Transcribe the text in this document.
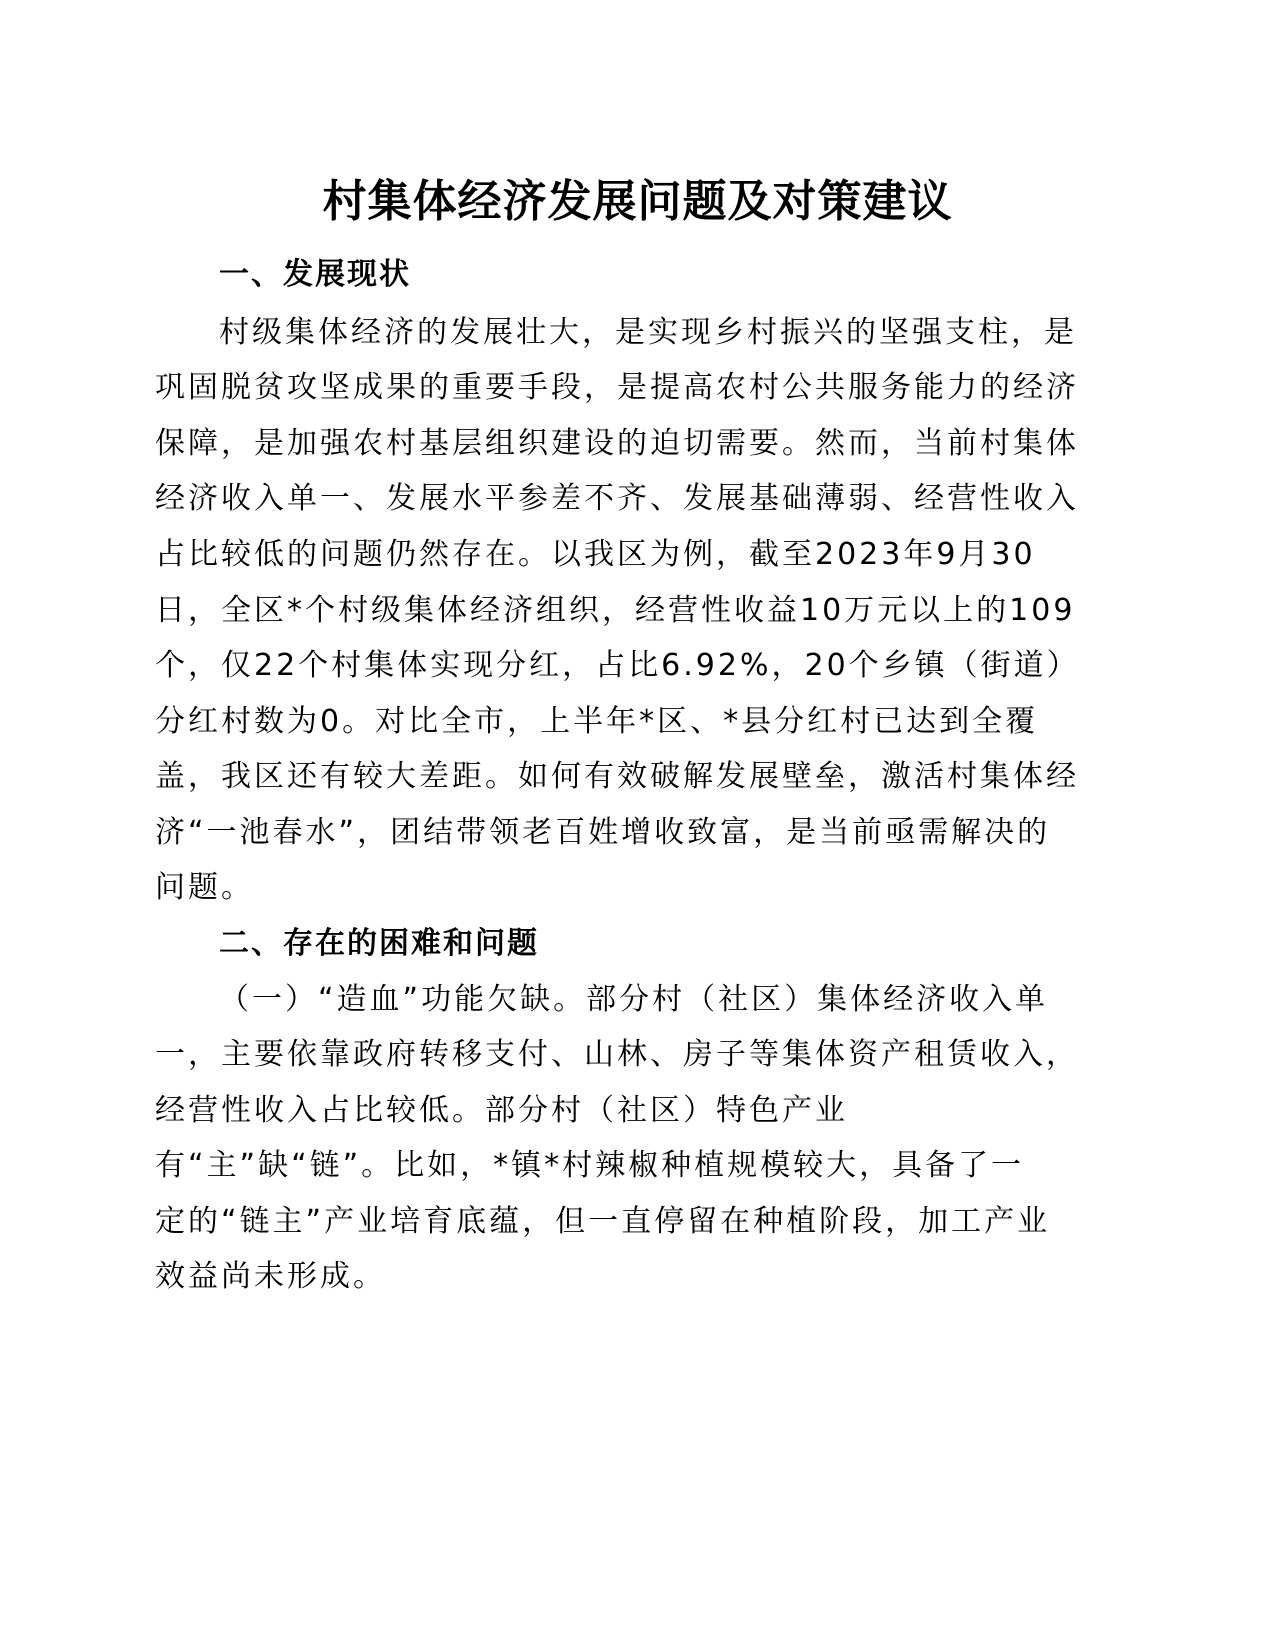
村集体经济发展问题及对策建议

一、发展现状

村级集体经济的发展壮大，是实现乡村振兴的坚强支柱，是

巩固脱贫攻坚成果的重要手段，是提高农村公共服务能力的经济

保障，是加强农村基层组织建设的迫切需要。然而，当前村集体

经济收入单一、发展水平参差不齐、发展基础薄弱、经营性收入

占比较低的问题仍然存在。以我区为例，截至2023年9月30

日，全区*个村级集体经济组织，经营性收益10万元以上的109

个，仅22个村集体实现分红，占比6.92%，20个乡镇（街道）

分红村数为0。对比全市，上半年*区、*县分红村已达到全覆

盖，我区还有较大差距。如何有效破解发展壁垒，激活村集体经

济“一池春水”，团结带领老百姓增收致富，是当前亟需解决的

问题。

二、存在的困难和问题

（一）“造血”功能欠缺。部分村（社区）集体经济收入单

一，主要依靠政府转移支付、山林、房子等集体资产租赁收入，

经营性收入占比较低。部分村（社区）特色产业

有“主”缺“链”。比如，*镇*村辣椒种植规模较大，具备了一

定的“链主”产业培育底蕴，但一直停留在种植阶段，加工产业

效益尚未形成。
